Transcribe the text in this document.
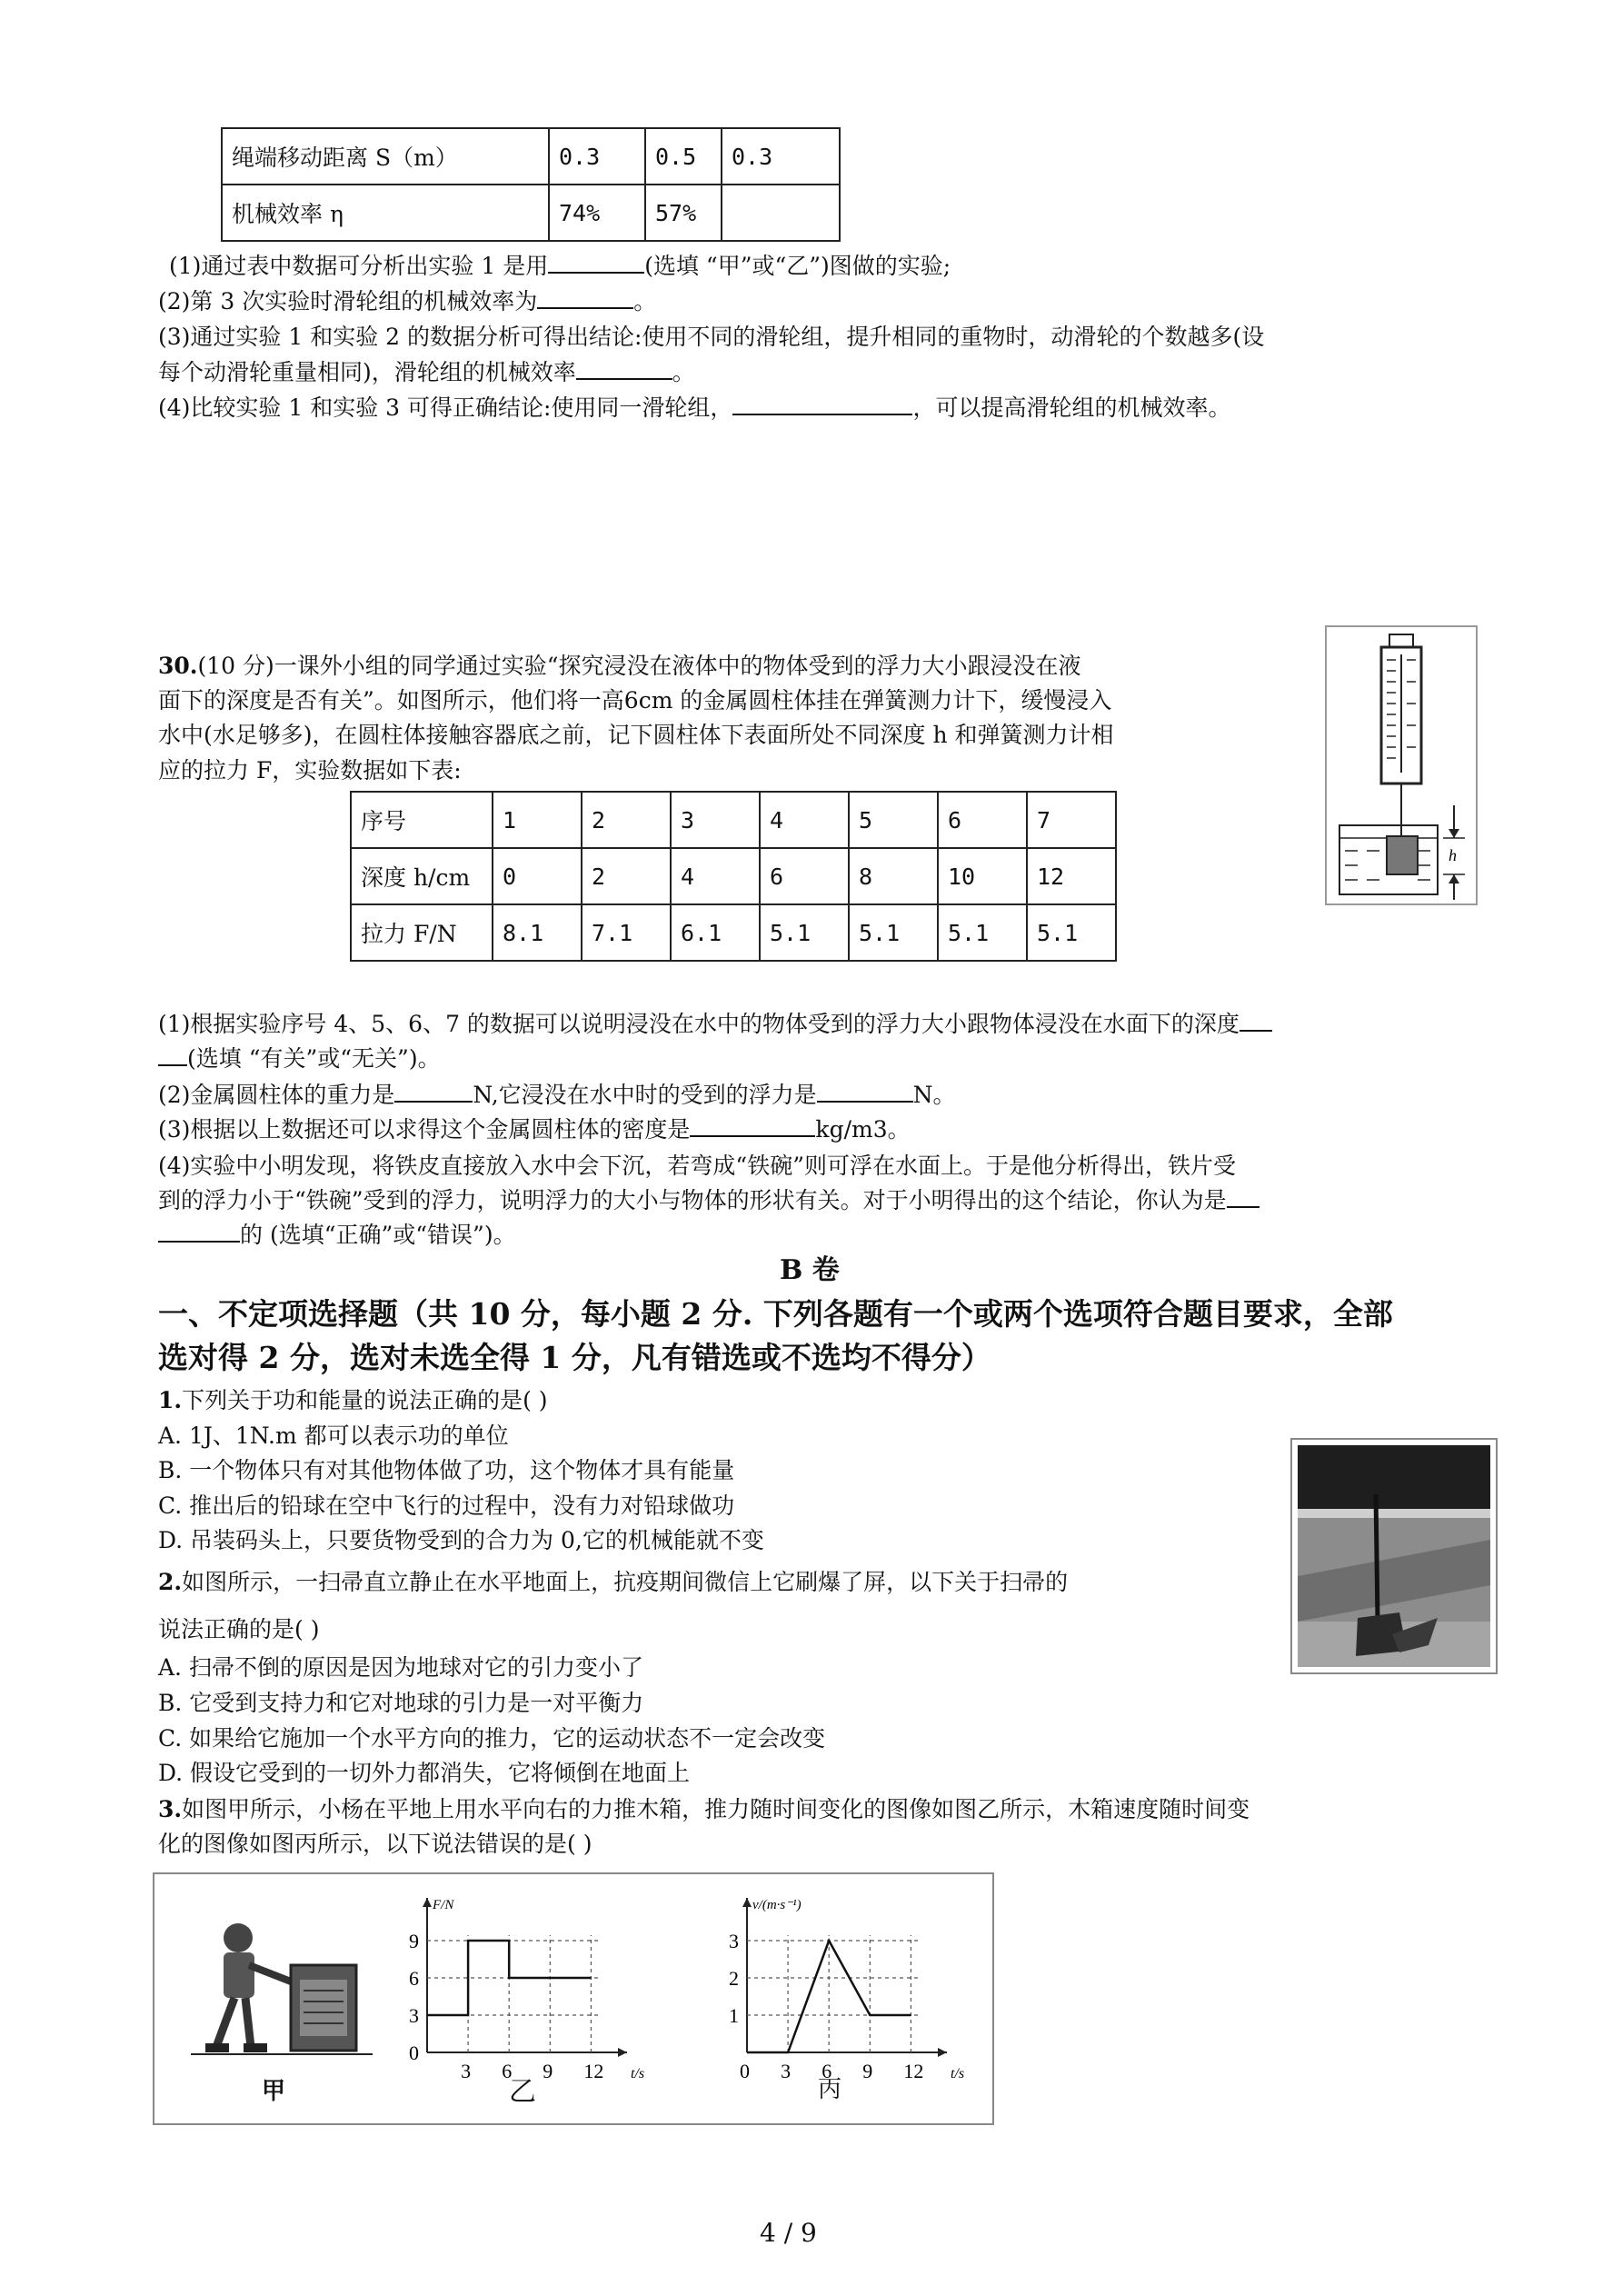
绳端移动距离 S（m）	0.3	0.5	0.3
机械效率 η	74%	57%	
(1)通过表中数据可分析出实验 1 是用	(选填 “甲”或“乙”)图做的实验;
(2)第 3 次实验时滑轮组的机械效率为	。
(3)通过实验 1 和实验 2 的数据分析可得出结论:使用不同的滑轮组，提升相同的重物时，动滑轮的个数越多(设
每个动滑轮重量相同)，滑轮组的机械效率	。
(4)比较实验 1 和实验 3 可得正确结论:使用同一滑轮组，	，可以提高滑轮组的机械效率。
30.(10 分)一课外小组的同学通过实验“探究浸没在液体中的物体受到的浮力大小跟浸没在液
面下的深度是否有关”。如图所示，他们将一高6cm 的金属圆柱体挂在弹簧测力计下，缓慢浸入
水中(水足够多)，在圆柱体接触容器底之前，记下圆柱体下表面所处不同深度 h 和弹簧测力计相
应的拉力 F，实验数据如下表:
h
序号	1	2	3	4	5	6	7
深度 h/cm	0	2	4	6	8	10	12
拉力 F/N	8.1	7.1	6.1	5.1	5.1	5.1	5.1
(1)根据实验序号 4、5、6、7 的数据可以说明浸没在水中的物体受到的浮力大小跟物体浸没在水面下的深度
(选填 “有关”或“无关”)。
(2)金属圆柱体的重力是	N,它浸没在水中时的受到的浮力是	N。
(3)根据以上数据还可以求得这个金属圆柱体的密度是	kg/m3。
(4)实验中小明发现，将铁皮直接放入水中会下沉，若弯成“铁碗”则可浮在水面上。于是他分析得出，铁片受
到的浮力小于“铁碗”受到的浮力，说明浮力的大小与物体的形状有关。对于小明得出的这个结论，你认为是
的 (选填“正确”或“错误”)。
B 卷
一、不定项选择题（共 10 分，每小题 2 分. 下列各题有一个或两个选项符合题目要求，全部
选对得 2 分，选对未选全得 1 分，凡有错选或不选均不得分）
1.下列关于功和能量的说法正确的是( )
A. 1J、1N.m 都可以表示功的单位
B. 一个物体只有对其他物体做了功，这个物体才具有能量
C. 推出后的铅球在空中飞行的过程中，没有力对铅球做功
D. 吊装码头上，只要货物受到的合力为 0,它的机械能就不变
2.如图所示，一扫帚直立静止在水平地面上，抗疫期间微信上它刷爆了屏，以下关于扫帚的
说法正确的是( )
A. 扫帚不倒的原因是因为地球对它的引力变小了
B. 它受到支持力和它对地球的引力是一对平衡力
C. 如果给它施加一个水平方向的推力，它的运动状态不一定会改变
D. 假设它受到的一切外力都消失，它将倾倒在地面上
3.如图甲所示，小杨在平地上用水平向右的力推木箱，推力随时间变化的图像如图乙所示，木箱速度随时间变
化的图像如图丙所示，以下说法错误的是( )
甲
F/N
t/s
0
3
6
9
3 6 9 12
乙
v/(m·s⁻¹)
t/s
1
2
3
0 3 6 9 12
丙
4 / 9
